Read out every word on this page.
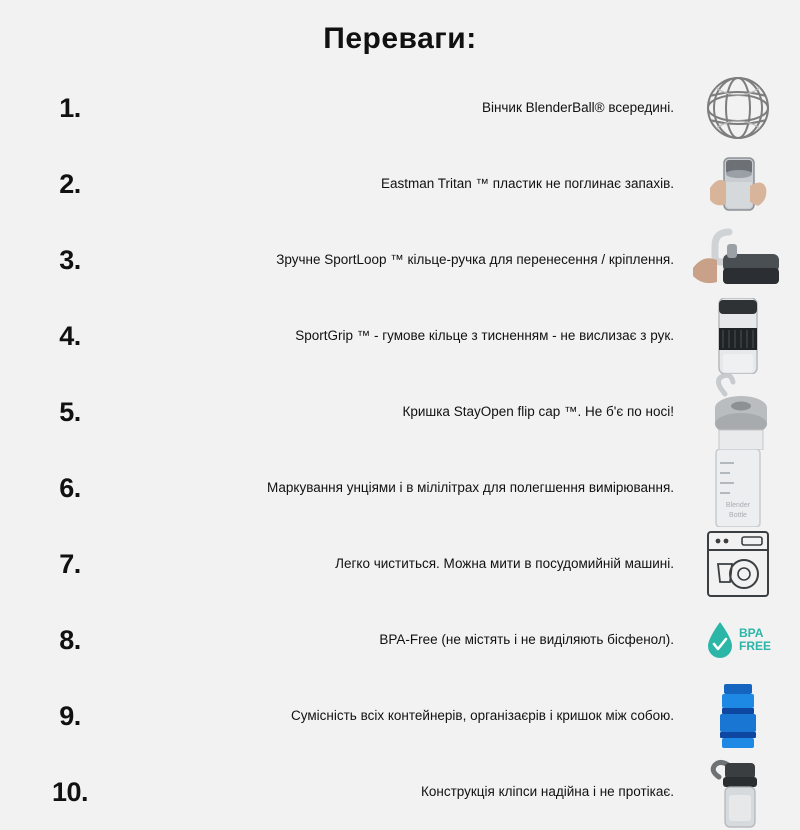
Переваги:
1.	Вінчик BlenderBall® всередині.
2.	Eastman Tritan ™ пластик не поглинає запахів.
3.	Зручне SportLoop ™ кільце-ручка для перенесення / кріплення.
4.	SportGrip ™ - гумове кільце з тисненням - не вислизає з рук.
5.	Кришка StayOpen flip cap ™. Не б'є по носі!
6.	Маркування унціями і в мілілітрах для полегшення вимірювання.
Blender
Bottle
7.	Легко чиститься. Можна мити в посудомийній машині.
8.	BPA-Free (не містять і не виділяють бісфенол).	BPA
FREE
9.	Сумісність всіх контейнерів, організаєрів і кришок між собою.
10.	Конструкція кліпси надійна і не протікає.
